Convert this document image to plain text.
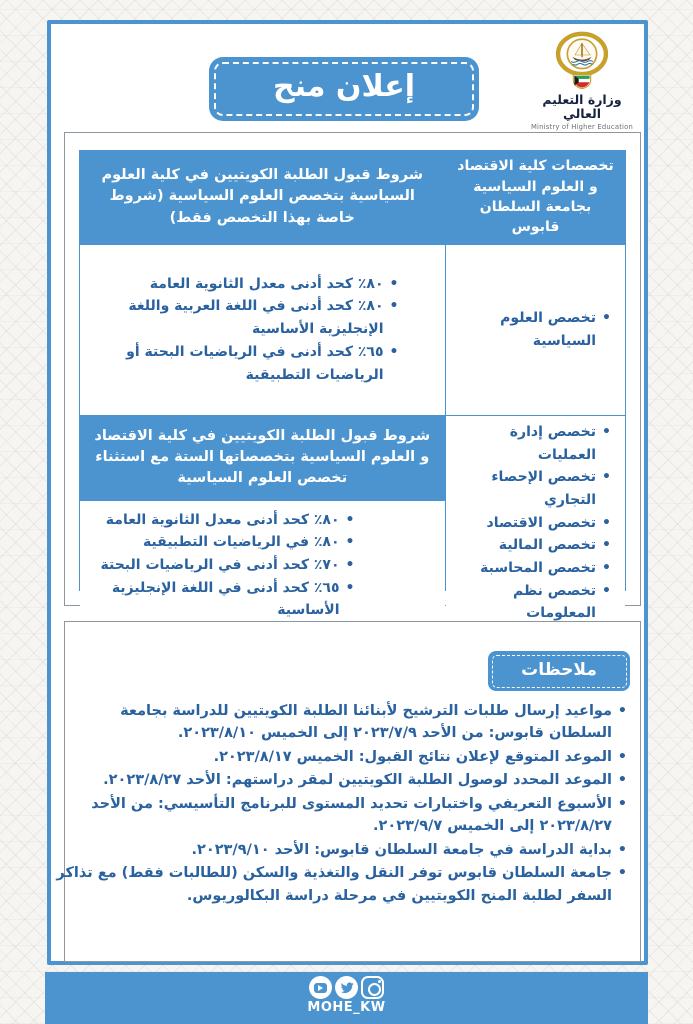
إعلان منح	وزارة التعليم العالي
Ministry of Higher Education
تخصصات كلية الاقتصاد و العلوم السياسية بجامعة السلطان قابوس
شروط قبول الطلبة الكويتيين في كلية العلوم السياسية بتخصص العلوم السياسية (شروط خاصة بهذا التخصص فقط)
• تخصص العلوم السياسية
• ٨٠٪ كحد أدنى معدل الثانوية العامة
• ٨٠٪ كحد أدنى في اللغة العربية واللغة الإنجليزية الأساسية
• ٦٥٪ كحد أدنى في الرياضيات البحتة أو الرياضيات التطبيقية
• تخصص إدارة العمليات
• تخصص الإحصاء التجاري
• تخصص الاقتصاد
• تخصص المالية
• تخصص المحاسبة
• تخصص نظم المعلومات
شروط قبول الطلبة الكويتيين في كلية الاقتصاد و العلوم السياسية بتخصصاتها الستة مع استثناء تخصص العلوم السياسية
• ٨٠٪ كحد أدنى معدل الثانوية العامة
• ٨٠٪ في الرياضيات التطبيقية
• ٧٠٪ كحد أدنى في الرياضيات البحتة
• ٦٥٪ كحد أدنى في اللغة الإنجليزية الأساسية
ملاحظات
• مواعيد إرسال طلبات الترشيح لأبنائنا الطلبة الكويتيين للدراسة بجامعة السلطان قابوس: من الأحد ٢٠٢٣/٧/٩ إلى الخميس ٢٠٢٣/٨/١٠.
• الموعد المتوقع لإعلان نتائج القبول: الخميس ٢٠٢٣/٨/١٧.
• الموعد المحدد لوصول الطلبة الكويتيين لمقر دراستهم: الأحد ٢٠٢٣/٨/٢٧.
• الأسبوع التعريفي واختبارات تحديد المستوى للبرنامج التأسيسي: من الأحد ٢٠٢٣/٨/٢٧ إلى الخميس ٢٠٢٣/٩/٧.
• بداية الدراسة في جامعة السلطان قابوس: الأحد ٢٠٢٣/٩/١٠.
• جامعة السلطان قابوس توفر النقل والتغذية والسكن (للطالبات فقط) مع تذاكر السفر لطلبة المنح الكويتيين في مرحلة دراسة البكالوريوس.
MOHE_KW
